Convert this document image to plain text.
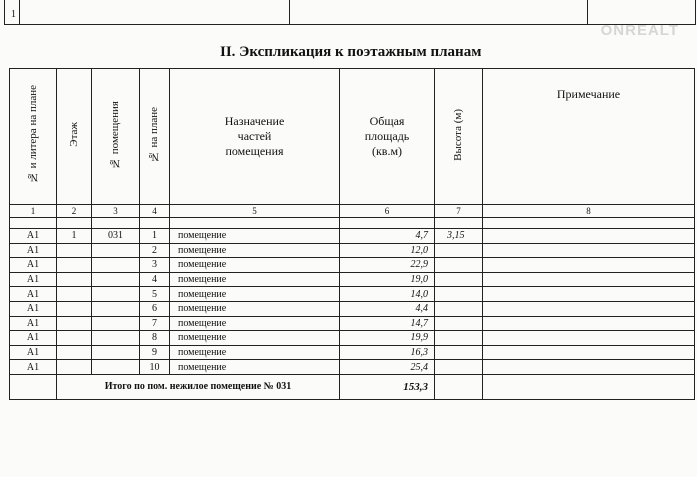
1
ONREALT
II. Экспликация к поэтажным планам
№ и литера на плане	Этаж	№ помещения	№ на плане	Назначение частей помещения	Общая площадь (кв.м)	Высота (м)	Примечание
1	2	3	4	5	6	7	8

А1	1	031	1	помещение	4,7	3,15	
А1			2	помещение	12,0		
А1			3	помещение	22,9		
А1			4	помещение	19,0		
А1			5	помещение	14,0		
А1			6	помещение	4,4		
А1			7	помещение	14,7		
А1			8	помещение	19,9		
А1			9	помещение	16,3		
А1			10	помещение	25,4		
	Итого по пом. нежилое помещение № 031				153,3		
